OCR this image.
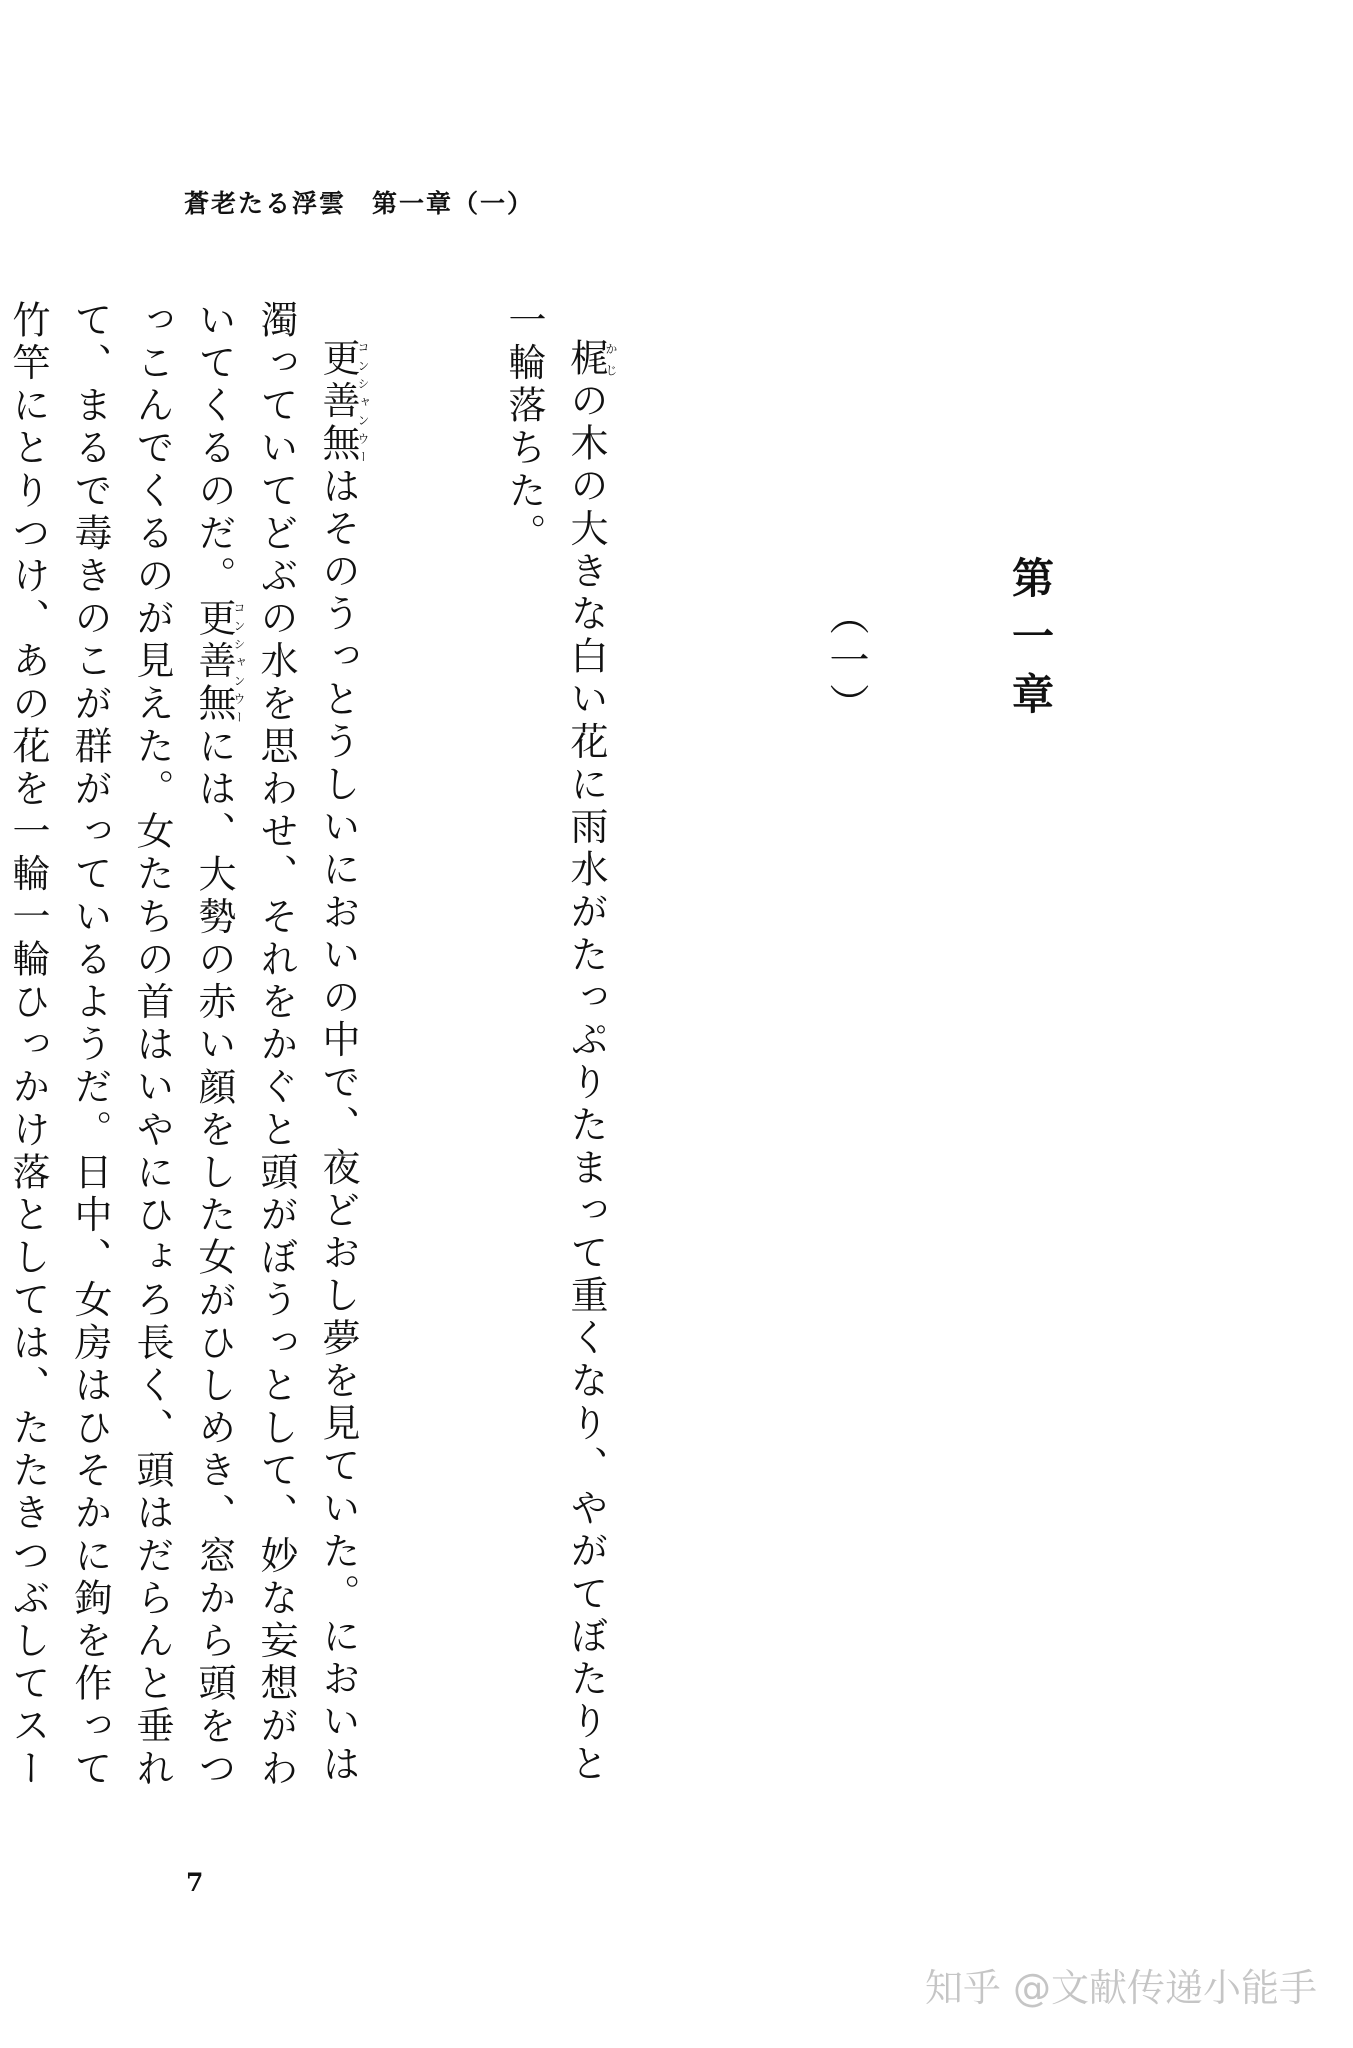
蒼老たる浮雲 第一章（一）
第一章
（一）

梶かじの木の大きな白い花に雨水がたっぷりたまって重くなり、やがてぼたりと一輪落ちた。

更善無コンシャンウーはそのうっとうしいにおいの中で、夜どおし夢を見ていた。においは濁っていてどぶの水を思わせ、それをかぐと頭がぼうっとして、妙な妄想がわいてくるのだ。更善無コンシャンウーには、大勢の赤い顔をした女がひしめき、窓から頭をつっこんでくるのが見えた。女たちの首はいやにひょろ長く、頭はだらんと垂れて、まるで毒きのこが群がっているようだ。日中、女房はひそかに鉤を作って竹竿にとりつけ、あの花を一輪一輪ひっかけ落としては、たたきつぶしてスー

7
知乎 @文献传递小能手
